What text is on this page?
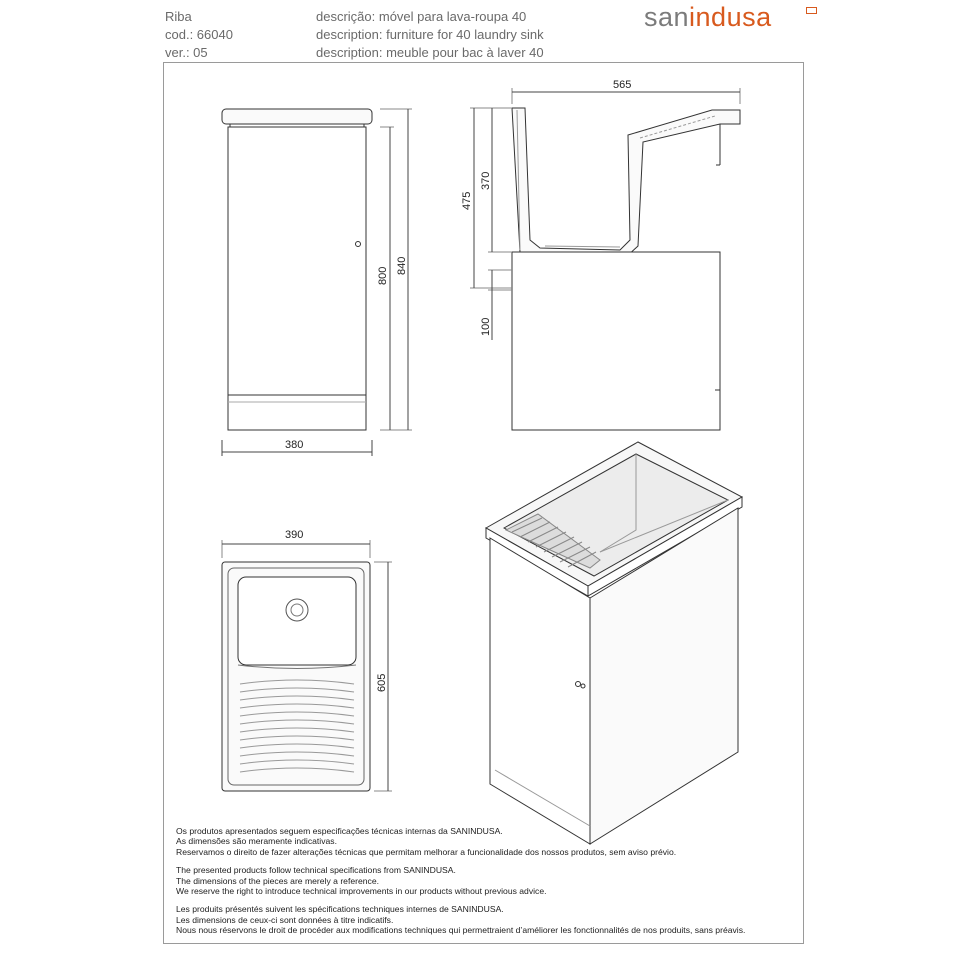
Riba
cod.: 66040
ver.: 05
descrição: móvel para lava-roupa 40
description: furniture for 40 laundry sink
description: meuble pour bac à laver 40
sanindusa
380
800
840
565
475
370
100
390
605
Os produtos apresentados seguem especificações técnicas internas da SANINDUSA.
As dimensões são meramente indicativas.
Reservamos o direito de fazer alterações técnicas que permitam melhorar a funcionalidade dos nossos produtos, sem aviso prévio.
The presented products follow technical specifications from SANINDUSA.
The dimensions of the pieces are merely a reference.
We reserve the right to introduce technical improvements in our products without previous advice.
Les produits présentés suivent les spécifications techniques internes de SANINDUSA.
Les dimensions de ceux-ci sont données à titre indicatifs.
Nous nous réservons le droit de procéder aux modifications techniques qui permettraient d’améliorer les fonctionnalités de nos produits, sans préavis.
